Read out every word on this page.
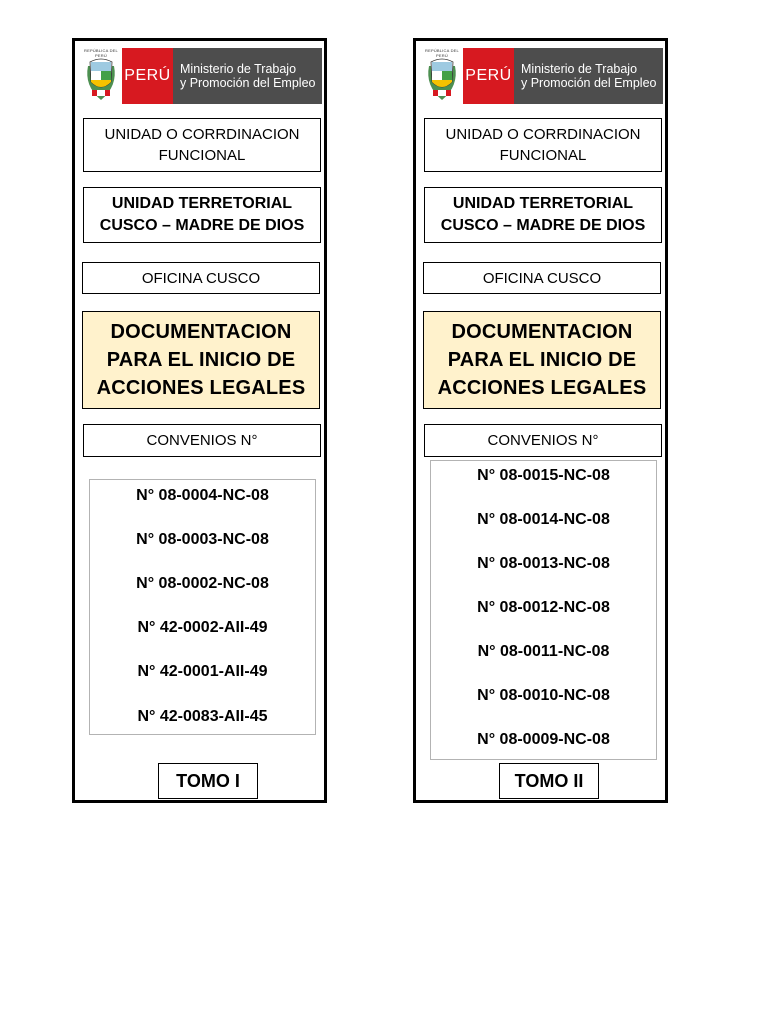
REPÚBLICA DEL PERÚ
PERÚ Ministerio de Trabajo
y Promoción del Empleo
UNIDAD O CORRDINACION
FUNCIONAL
UNIDAD TERRETORIAL
CUSCO – MADRE DE DIOS
OFICINA CUSCO
DOCUMENTACION
PARA EL INICIO DE
ACCIONES LEGALES
CONVENIOS N°
N° 08-0004-NC-08
N° 08-0003-NC-08
N° 08-0002-NC-08
N° 42-0002-AII-49
N° 42-0001-AII-49
N° 42-0083-AII-45
TOMO I
REPÚBLICA DEL PERÚ
PERÚ Ministerio de Trabajo
y Promoción del Empleo
UNIDAD O CORRDINACION
FUNCIONAL
UNIDAD TERRETORIAL
CUSCO – MADRE DE DIOS
OFICINA CUSCO
DOCUMENTACION
PARA EL INICIO DE
ACCIONES LEGALES
CONVENIOS N°
N° 08-0015-NC-08
N° 08-0014-NC-08
N° 08-0013-NC-08
N° 08-0012-NC-08
N° 08-0011-NC-08
N° 08-0010-NC-08
N° 08-0009-NC-08
TOMO II
